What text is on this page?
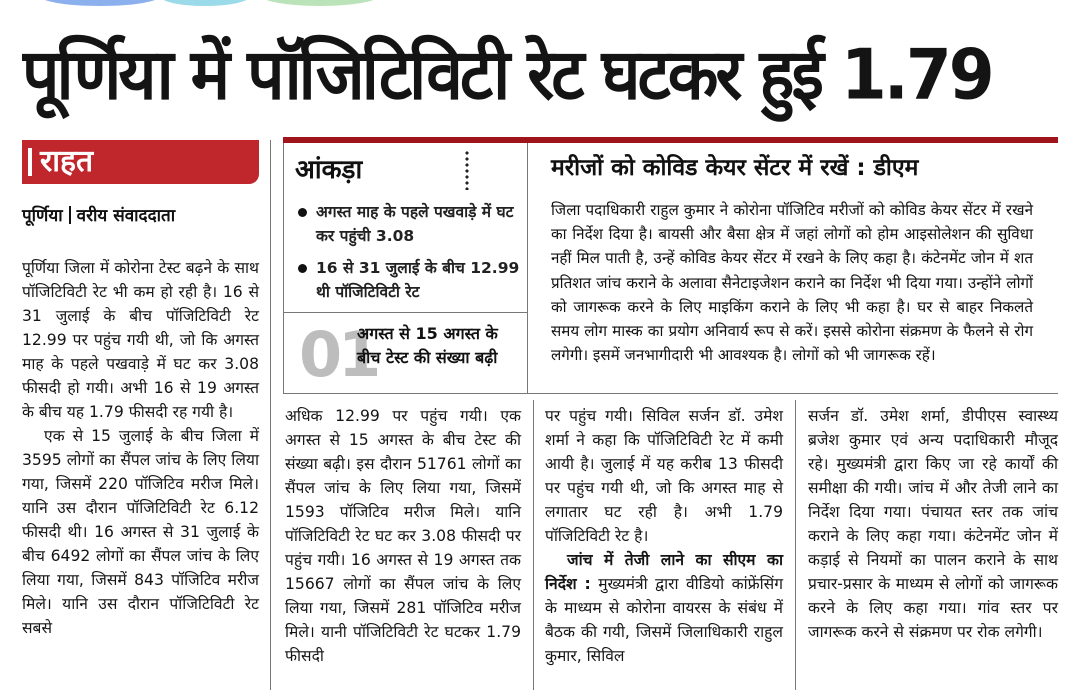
पूर्णिया में पॉजिटिविटी रेट घटकर हुई 1.79
राहत
पूर्णिया वरीय संवाददाता

पूर्णिया जिला में कोरोना टेस्ट बढ़ने के साथ पॉजिटिविटी रेट भी कम हो रही है। 16 से 31 जुलाई के बीच पॉजिटिविटी रेट 12.99 पर पहुंच गयी थी, जो कि अगस्त माह के पहले पखवाड़े में घट कर 3.08 फीसदी हो गयी। अभी 16 से 19 अगस्त के बीच यह 1.79 फीसदी रह गयी है।

एक से 15 जुलाई के बीच जिला में 3595 लोगों का सैंपल जांच के लिए लिया गया, जिसमें 220 पॉजिटिव मरीज मिले। यानि उस दौरान पॉजिटिविटी रेट 6.12 फीसदी थी। 16 अगस्त से 31 जुलाई के बीच 6492 लोगों का सैंपल जांच के लिए लिया गया, जिसमें 843 पॉजिटिव मरीज मिले। यानि उस दौरान पॉजिटिविटी रेट सबसे

आंकड़ा
अगस्त माह के पहले पखवाड़े में घट कर पहुंची 3.08
16 से 31 जुलाई के बीच 12.99 थी पॉजिटिविटी रेट
01
अगस्त से 15 अगस्त के बीच टेस्ट की संख्या बढ़ी
मरीजों को कोविड केयर सेंटर में रखें : डीएम
जिला पदाधिकारी राहुल कुमार ने कोरोना पॉजिटिव मरीजों को कोविड केयर सेंटर में रखने का निर्देश दिया है। बायसी और बैसा क्षेत्र में जहां लोगों को होम आइसोलेशन की सुविधा नहीं मिल पाती है, उन्हें कोविड केयर सेंटर में रखने के लिए कहा है। कंटेनमेंट जोन में शत प्रतिशत जांच कराने के अलावा सैनेटाइजेशन कराने का निर्देश भी दिया गया। उन्होंने लोगों को जागरूक करने के लिए माइकिंग कराने के लिए भी कहा है। घर से बाहर निकलते समय लोग मास्क का प्रयोग अनिवार्य रूप से करें। इससे कोरोना संक्रमण के फैलने से रोग लगेगी। इसमें जनभागीदारी भी आवश्यक है। लोगों को भी जागरूक रहें।

अधिक 12.99 पर पहुंच गयी। एक अगस्त से 15 अगस्त के बीच टेस्ट की संख्या बढ़ी। इस दौरान 51761 लोगों का सैंपल जांच के लिए लिया गया, जिसमें 1593 पॉजिटिव मरीज मिले। यानि पॉजिटिविटी रेट घट कर 3.08 फीसदी पर पहुंच गयी। 16 अगस्त से 19 अगस्त तक 15667 लोगों का सैंपल जांच के लिए लिया गया, जिसमें 281 पॉजिटिव मरीज मिले। यानी पॉजिटिविटी रेट घटकर 1.79 फीसदी

पर पहुंच गयी। सिविल सर्जन डॉ. उमेश शर्मा ने कहा कि पॉजिटिविटी रेट में कमी आयी है। जुलाई में यह करीब 13 फीसदी पर पहुंच गयी थी, जो कि अगस्त माह से लगातार घट रही है। अभी 1.79 पॉजिटिविटी रेट है।

जांच में तेजी लाने का सीएम का निर्देश : मुख्यमंत्री द्वारा वीडियो कांफ्रेंसिंग के माध्यम से कोरोना वायरस के संबंध में बैठक की गयी, जिसमें जिलाधिकारी राहुल कुमार, सिविल

सर्जन डॉ. उमेश शर्मा, डीपीएस स्वास्थ्य ब्रजेश कुमार एवं अन्य पदाधिकारी मौजूद रहे। मुख्यमंत्री द्वारा किए जा रहे कार्यों की समीक्षा की गयी। जांच में और तेजी लाने का निर्देश दिया गया। पंचायत स्तर तक जांच कराने के लिए कहा गया। कंटेनमेंट जोन में कड़ाई से नियमों का पालन कराने के साथ प्रचार-प्रसार के माध्यम से लोगों को जागरूक करने के लिए कहा गया। गांव स्तर पर जागरूक करने से संक्रमण पर रोक लगेगी।
